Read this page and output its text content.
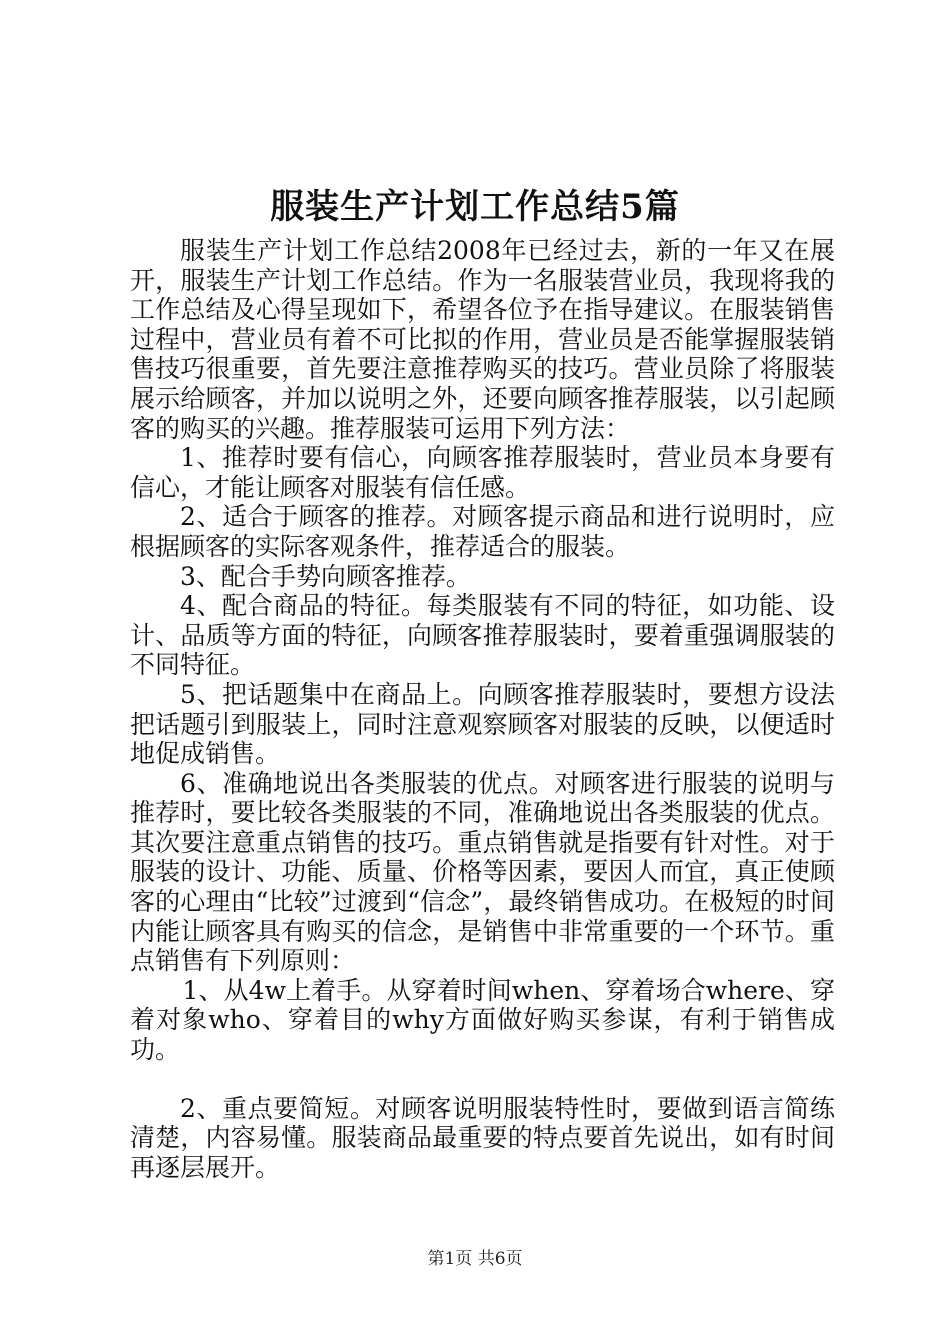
服装生产计划工作总结5篇

服装生产计划工作总结2008年已经过去，新的一年又在展开，服装生产计划工作总结。作为一名服装营业员，我现将我的工作总结及心得呈现如下，希望各位予在指导建议。在服装销售过程中，营业员有着不可比拟的作用，营业员是否能掌握服装销售技巧很重要，首先要注意推荐购买的技巧。营业员除了将服装展示给顾客，并加以说明之外，还要向顾客推荐服装，以引起顾客的购买的兴趣。推荐服装可运用下列方法：

1、推荐时要有信心，向顾客推荐服装时，营业员本身要有信心，才能让顾客对服装有信任感。

2、适合于顾客的推荐。对顾客提示商品和进行说明时，应根据顾客的实际客观条件，推荐适合的服装。

3、配合手势向顾客推荐。

4、配合商品的特征。每类服装有不同的特征，如功能、设计、品质等方面的特征，向顾客推荐服装时，要着重强调服装的不同特征。

5、把话题集中在商品上。向顾客推荐服装时，要想方设法把话题引到服装上，同时注意观察顾客对服装的反映，以便适时地促成销售。

6、准确地说出各类服装的优点。对顾客进行服装的说明与推荐时，要比较各类服装的不同，准确地说出各类服装的优点。其次要注意重点销售的技巧。重点销售就是指要有针对性。对于服装的设计、功能、质量、价格等因素，要因人而宜，真正使顾客的心理由“比较”过渡到“信念”，最终销售成功。在极短的时间内能让顾客具有购买的信念，是销售中非常重要的一个环节。重点销售有下列原则：

1、从4w上着手。从穿着时间when、穿着场合where、穿着对象who、穿着目的why方面做好购买参谋，有利于销售成功。

2、重点要简短。对顾客说明服装特性时，要做到语言简练清楚，内容易懂。服装商品最重要的特点要首先说出，如有时间再逐层展开。

第1页 共6页
